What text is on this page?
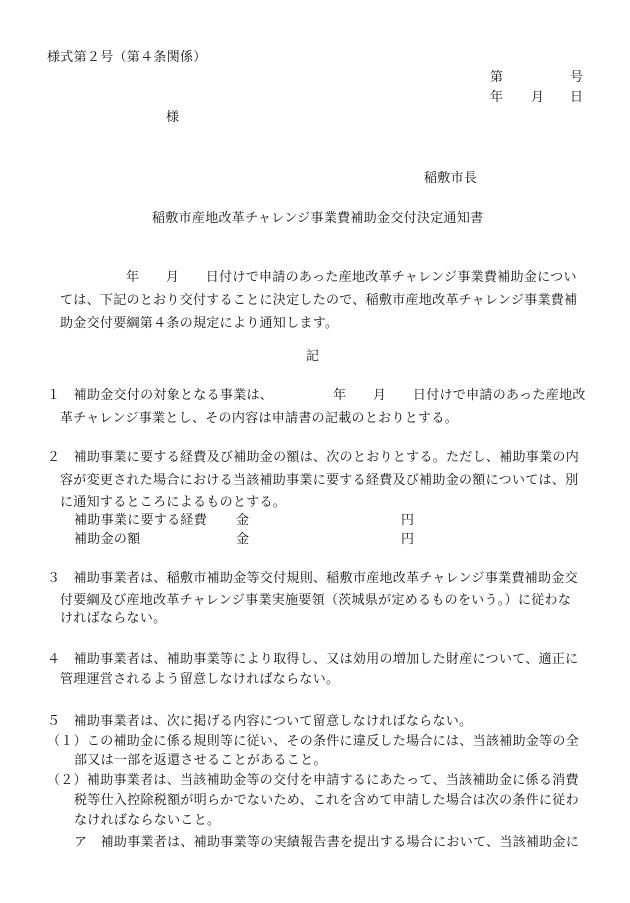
様式第２号（第４条関係）
第	号
年 月 日
様
稲敷市長
稲敷市産地改革チャレンジ事業費補助金交付決定通知書
年　　月　　日付けで申請のあった産地改革チャレンジ事業費補助金につい
ては、下記のとおり交付することに決定したので、稲敷市産地改革チャレンジ事業費補
助金交付要綱第４条の規定により通知します。
記
１　補助金交付の対象となる事業は、　　　　　年　　月　　日付けで申請のあった産地改
革チャレンジ事業とし、その内容は申請書の記載のとおりとする。
２　補助事業に要する経費及び補助金の額は、次のとおりとする。ただし、補助事業の内
容が変更された場合における当該補助事業に要する経費及び補助金の額については、別
に通知するところによるものとする。
補助事業に要する経費 金	円
補助金の額	金	円
３　補助事業者は、稲敷市補助金等交付規則、稲敷市産地改革チャレンジ事業費補助金交
付要綱及び産地改革チャレンジ事業実施要領（茨城県が定めるものをいう。）に従わな
ければならない。
４　補助事業者は、補助事業等により取得し、又は効用の増加した財産について、適正に
管理運営されるよう留意しなければならない。
５　補助事業者は、次に掲げる内容について留意しなければならない。
（１）この補助金に係る規則等に従い、その条件に違反した場合には、当該補助金等の全
部又は一部を返還させることがあること。
（２）補助事業者は、当該補助金等の交付を申請するにあたって、当該補助金に係る消費
税等仕入控除税額が明らかでないため、これを含めて申請した場合は次の条件に従わ
なければならないこと。
ア　補助事業者は、補助事業等の実績報告書を提出する場合において、当該補助金に
